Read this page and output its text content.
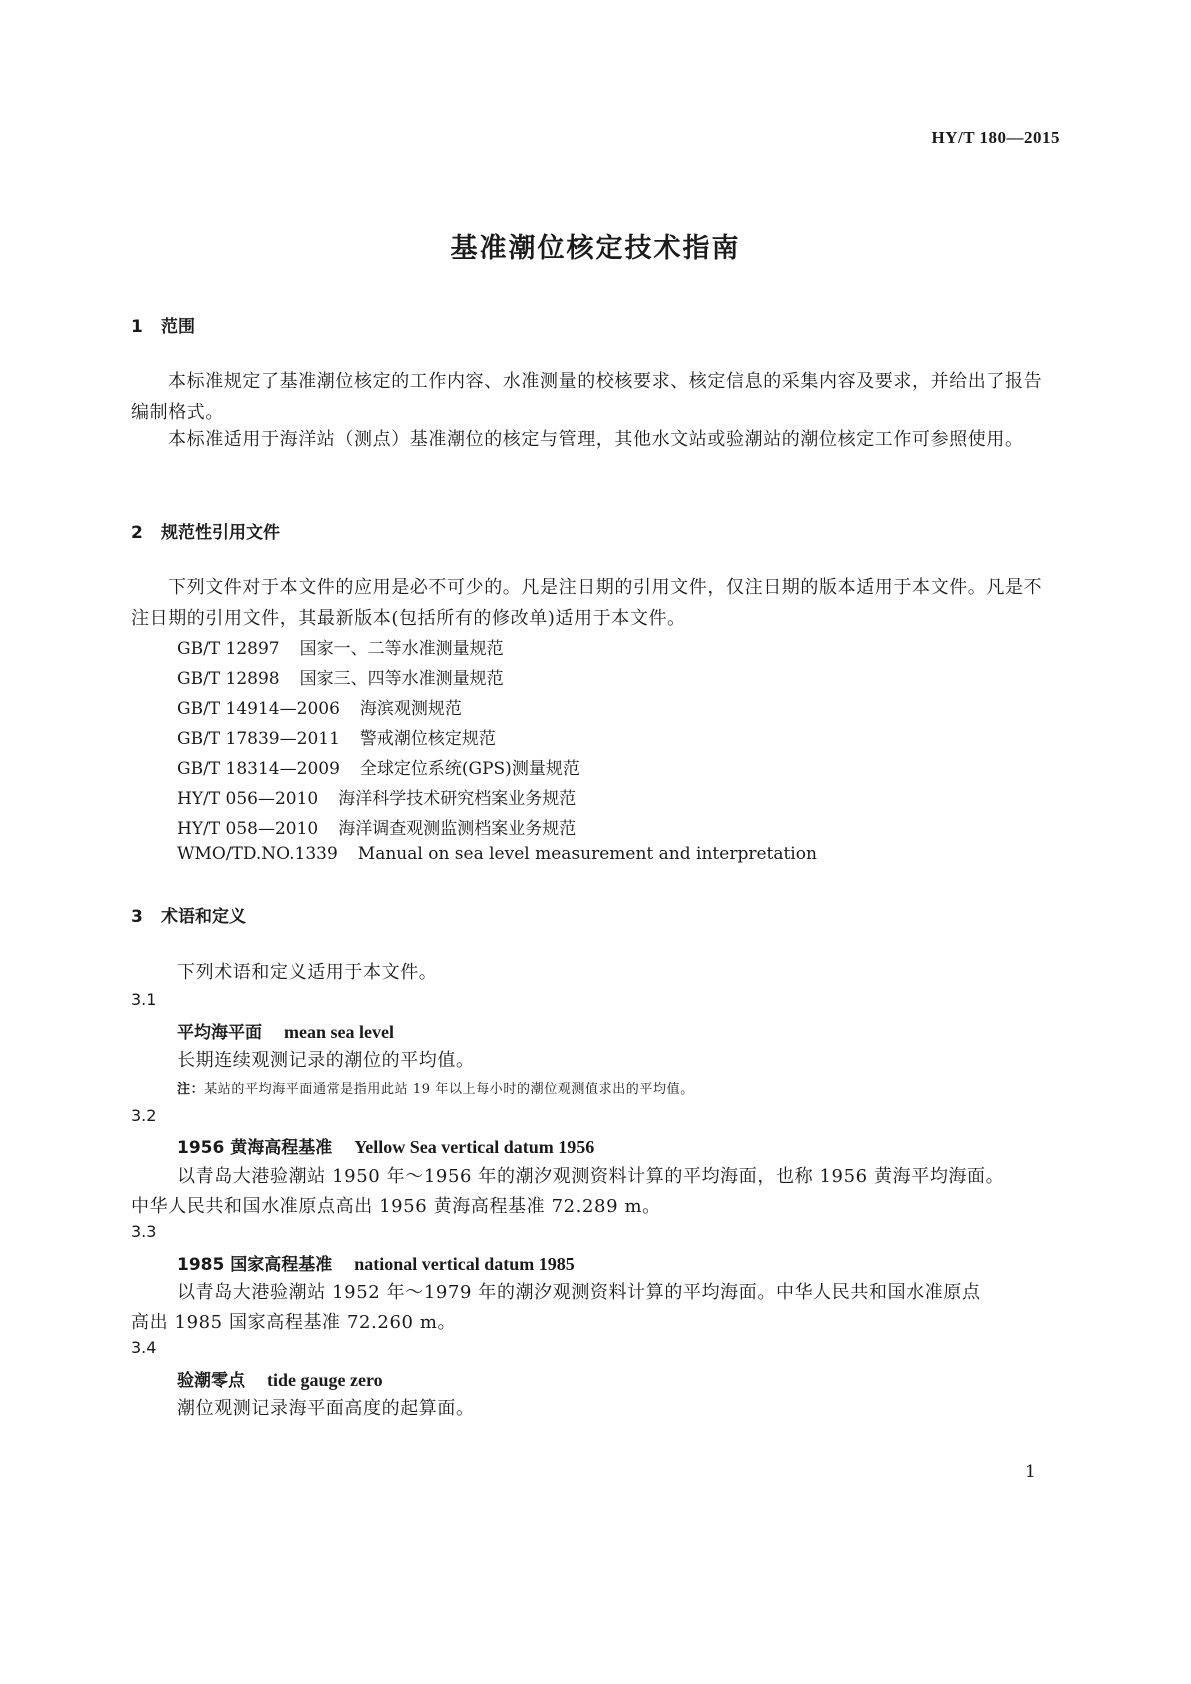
HY/T 180—2015
基准潮位核定技术指南
1 范围
本标准规定了基准潮位核定的工作内容、水准测量的校核要求、核定信息的采集内容及要求，并给出了报告编制格式。
本标准适用于海洋站（测点）基准潮位的核定与管理，其他水文站或验潮站的潮位核定工作可参照使用。
2 规范性引用文件
下列文件对于本文件的应用是必不可少的。凡是注日期的引用文件，仅注日期的版本适用于本文件。凡是不注日期的引用文件，其最新版本(包括所有的修改单)适用于本文件。
GB/T 12897 国家一、二等水准测量规范
GB/T 12898 国家三、四等水准测量规范
GB/T 14914—2006 海滨观测规范
GB/T 17839—2011 警戒潮位核定规范
GB/T 18314—2009 全球定位系统(GPS)测量规范
HY/T 056—2010 海洋科学技术研究档案业务规范
HY/T 058—2010 海洋调查观测监测档案业务规范
WMO/TD.NO.1339 Manual on sea level measurement and interpretation
3 术语和定义
下列术语和定义适用于本文件。
3.1
平均海平面 mean sea level
长期连续观测记录的潮位的平均值。
注：某站的平均海平面通常是指用此站 19 年以上每小时的潮位观测值求出的平均值。
3.2
1956 黄海高程基准 Yellow Sea vertical datum 1956
以青岛大港验潮站 1950 年～1956 年的潮汐观测资料计算的平均海面，也称 1956 黄海平均海面。
中华人民共和国水准原点高出 1956 黄海高程基准 72.289 m。
3.3
1985 国家高程基准 national vertical datum 1985
以青岛大港验潮站 1952 年～1979 年的潮汐观测资料计算的平均海面。中华人民共和国水准原点
高出 1985 国家高程基准 72.260 m。
3.4
验潮零点 tide gauge zero
潮位观测记录海平面高度的起算面。
1
